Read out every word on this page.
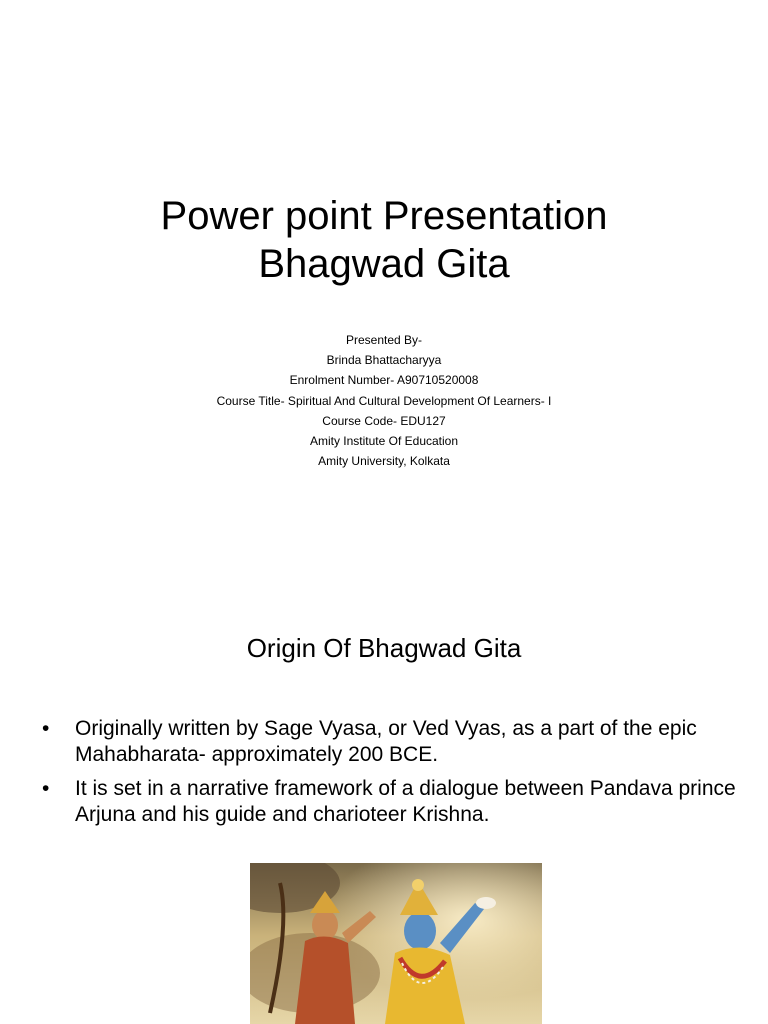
Power point Presentation
Bhagwad Gita
Presented By-
Brinda Bhattacharyya
Enrolment Number- A90710520008
Course Title- Spiritual And Cultural Development Of Learners- I
Course Code- EDU127
Amity Institute Of Education
Amity University, Kolkata
Origin Of Bhagwad Gita
• Originally written by Sage Vyasa, or Ved Vyas, as a part of the epic Mahabharata- approximately 200 BCE.
• It is set in a narrative framework of a dialogue between Pandava prince Arjuna and his guide and charioteer Krishna.
